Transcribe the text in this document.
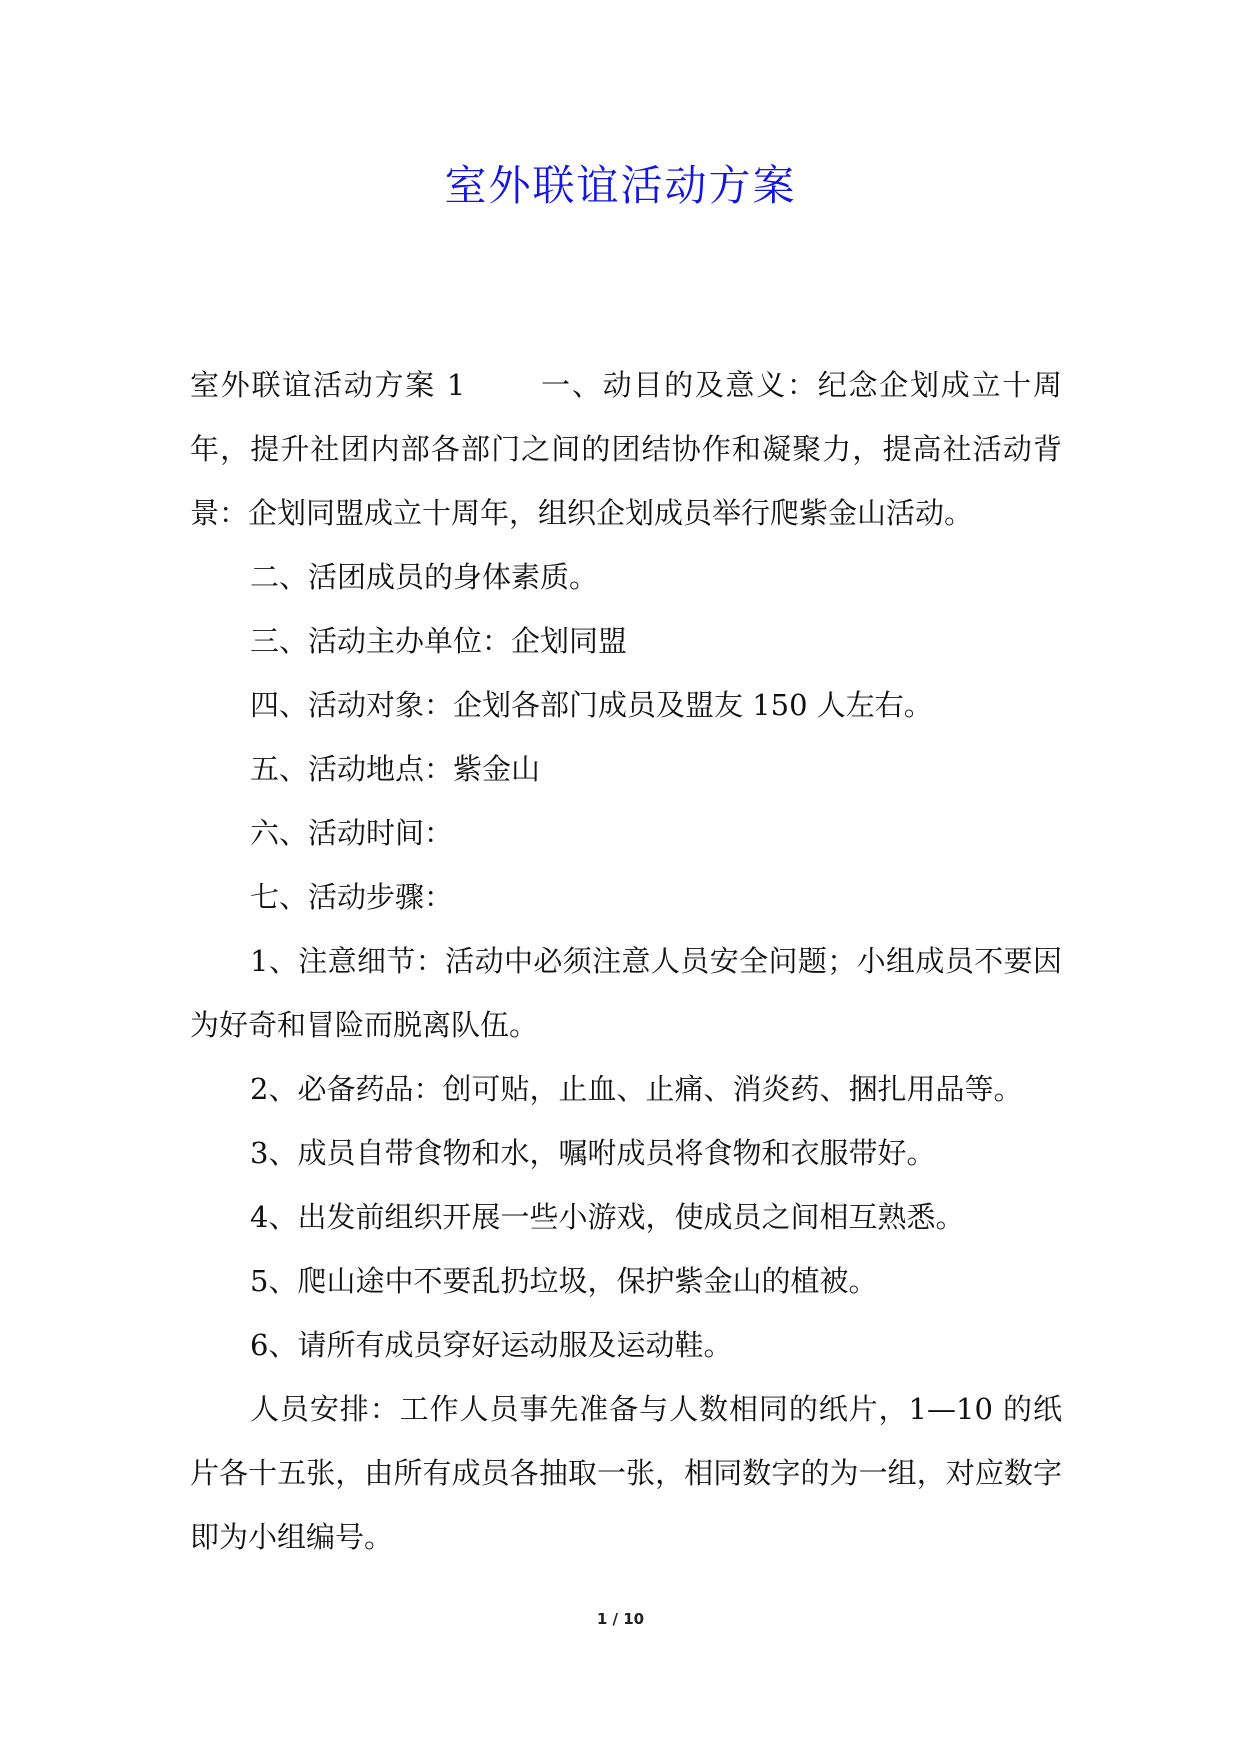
室外联谊活动方案

室外联谊活动方案 1	一、动目的及意义：纪念企划成立十周年，提升社团内部各部门之间的团结协作和凝聚力，提高社活动背景：企划同盟成立十周年，组织企划成员举行爬紫金山活动。

二、活团成员的身体素质。

三、活动主办单位：企划同盟

四、活动对象：企划各部门成员及盟友 150 人左右。

五、活动地点：紫金山

六、活动时间：

七、活动步骤：

1、注意细节：活动中必须注意人员安全问题；小组成员不要因为好奇和冒险而脱离队伍。

2、必备药品：创可贴，止血、止痛、消炎药、捆扎用品等。

3、成员自带食物和水，嘱咐成员将食物和衣服带好。

4、出发前组织开展一些小游戏，使成员之间相互熟悉。

5、爬山途中不要乱扔垃圾，保护紫金山的植被。

6、请所有成员穿好运动服及运动鞋。

人员安排：工作人员事先准备与人数相同的纸片，1—10 的纸片各十五张，由所有成员各抽取一张，相同数字的为一组，对应数字即为小组编号。

1 / 10
